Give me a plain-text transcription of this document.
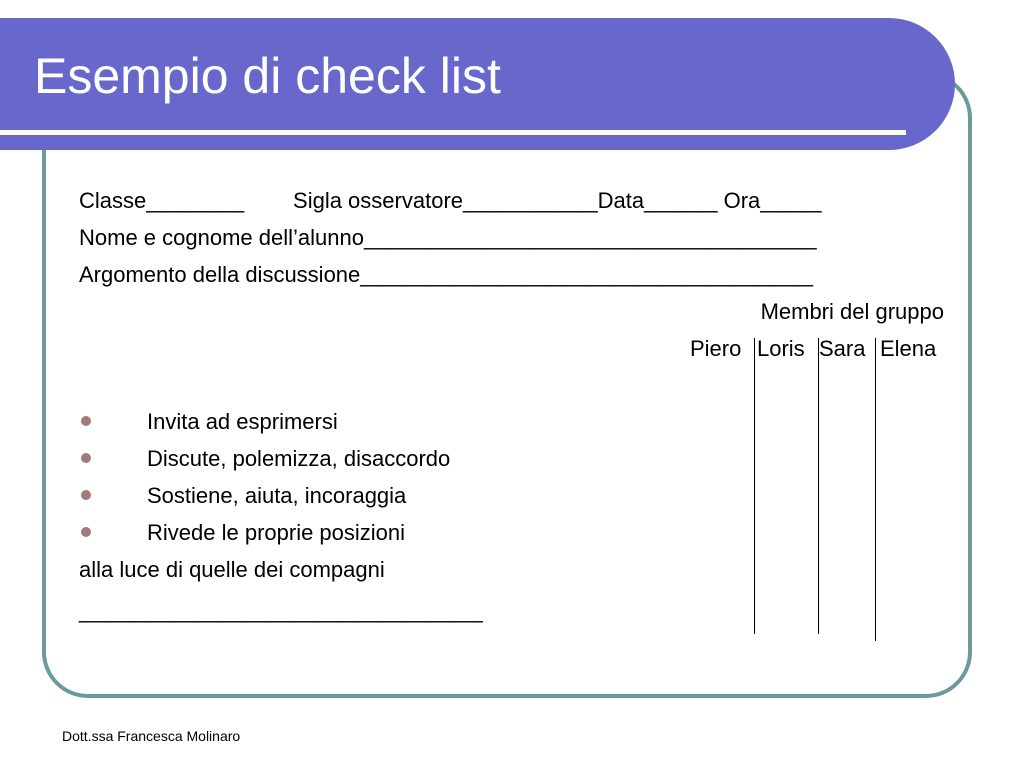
Esempio di check list
Classe________        Sigla osservatore___________Data______ Ora_____
Nome e cognome dell’alunno_____________________________________
Argomento della discussione_____________________________________
Membri del gruppo
Piero Loris Sara Elena
Invita ad esprimersi
Discute, polemizza, disaccordo
Sostiene, aiuta, incoraggia
Rivede le proprie posizioni
alla luce di quelle dei compagni
_________________________________
Dott.ssa Francesca Molinaro
